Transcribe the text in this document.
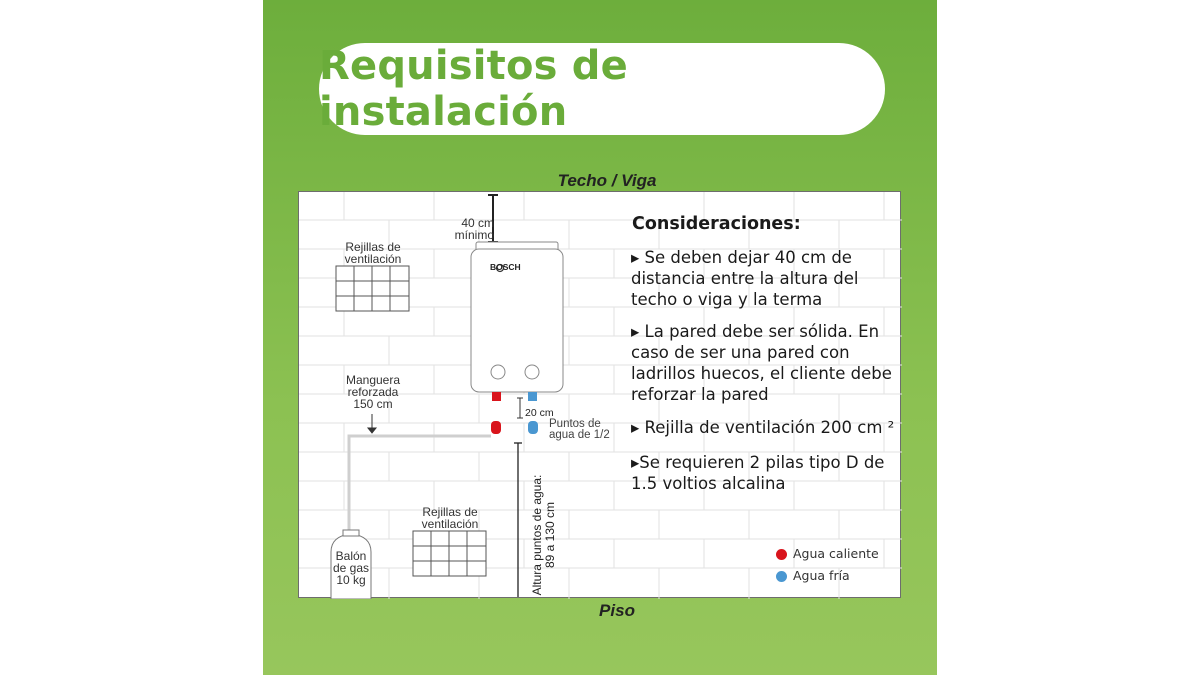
Requisitos de instalación
Techo / Viga
40 cm
mínimo
Rejillas de
ventilación
BOSCH
Manguera
reforzada
150 cm
20 cm
Puntos de
agua de 1/2
Altura puntos de agua: 89 a 130 cm
Rejillas de
ventilación
Balón
de gas
10 kg
Consideraciones:
▸ Se deben dejar 40 cm de distancia entre la altura del techo o viga y la terma
▸ La pared debe ser sólida. En caso de ser una pared con ladrillos huecos, el cliente debe reforzar la pared
▸ Rejilla de ventilación 200 cm ²
▸Se requieren 2 pilas tipo D de 1.5 voltios alcalina
Agua caliente
Agua fría
Piso
